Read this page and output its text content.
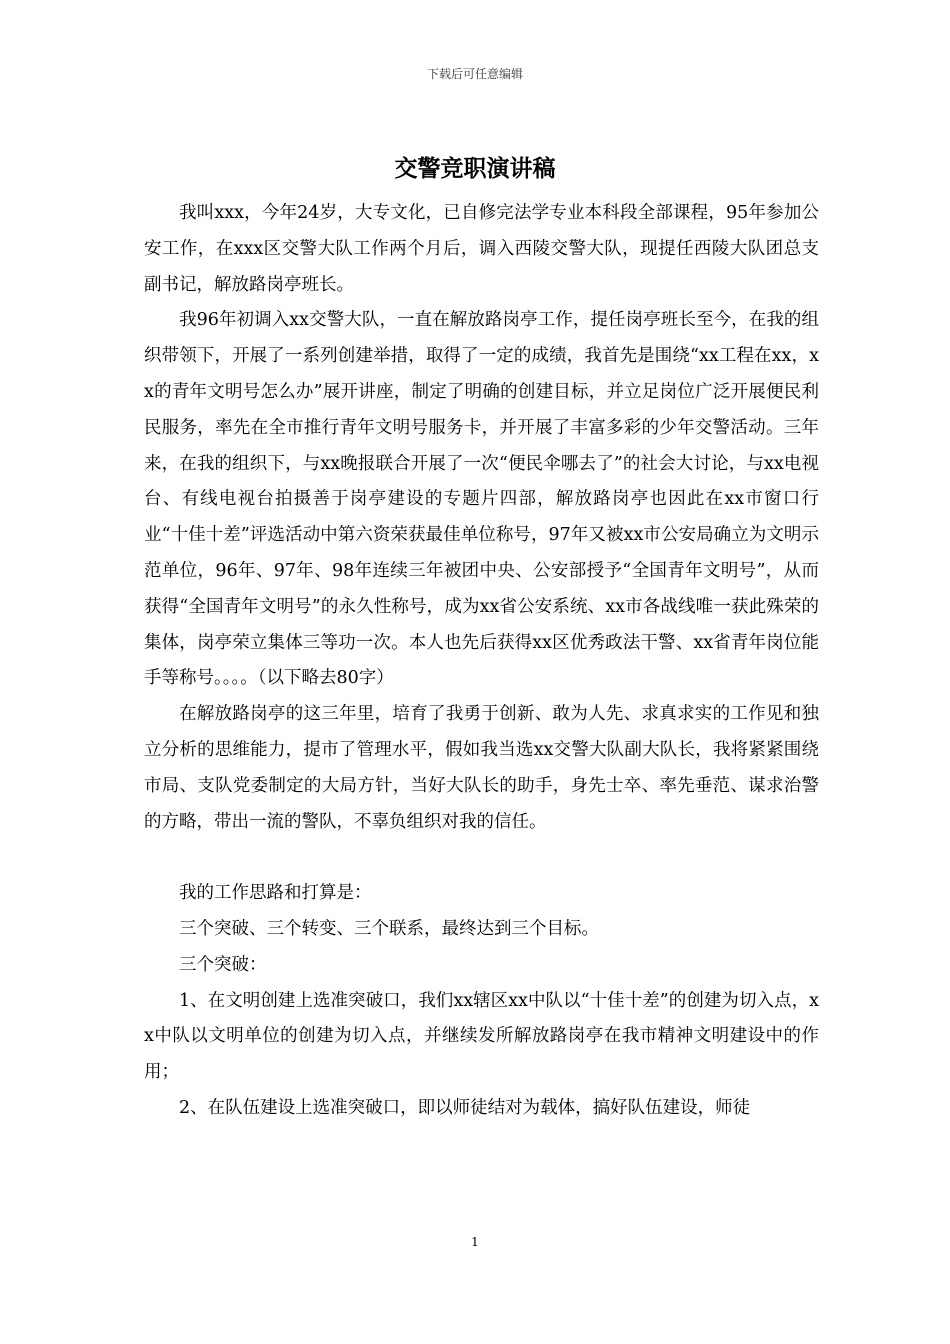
下载后可任意编辑
交警竞职演讲稿

我叫xxx，今年24岁，大专文化，已自修完法学专业本科段全部课程，95年参加公安工作，在xxx区交警大队工作两个月后，调入西陵交警大队，现提任西陵大队团总支副书记，解放路岗亭班长。

我96年初调入xx交警大队，一直在解放路岗亭工作，提任岗亭班长至今，在我的组织带领下，开展了一系列创建举措，取得了一定的成绩，我首先是围绕“xx工程在xx，xx的青年文明号怎么办”展开讲座，制定了明确的创建目标，并立足岗位广泛开展便民利民服务，率先在全市推行青年文明号服务卡，并开展了丰富多彩的少年交警活动。三年来，在我的组织下，与xx晚报联合开展了一次“便民伞哪去了”的社会大讨论，与xx电视台、有线电视台拍摄善于岗亭建设的专题片四部，解放路岗亭也因此在xx市窗口行业“十佳十差”评选活动中第六资荣获最佳单位称号，97年又被xx市公安局确立为文明示范单位，96年、97年、98年连续三年被团中央、公安部授予“全国青年文明号”，从而获得“全国青年文明号”的永久性称号，成为xx省公安系统、xx市各战线唯一获此殊荣的集体，岗亭荣立集体三等功一次。本人也先后获得xx区优秀政法干警、xx省青年岗位能手等称号。。。。（以下略去80字）

在解放路岗亭的这三年里，培育了我勇于创新、敢为人先、求真求实的工作见和独立分析的思维能力，提市了管理水平，假如我当选xx交警大队副大队长，我将紧紧围绕市局、支队党委制定的大局方针，当好大队长的助手，身先士卒、率先垂范、谋求治警的方略，带出一流的警队，不辜负组织对我的信任。

我的工作思路和打算是：

三个突破、三个转变、三个联系，最终达到三个目标。

三个突破：

1、在文明创建上选准突破口，我们xx辖区xx中队以“十佳十差”的创建为切入点，xx中队以文明单位的创建为切入点，并继续发所解放路岗亭在我市精神文明建设中的作用；

2、在队伍建设上选准突破口，即以师徒结对为载体，搞好队伍建设，师徒

1
